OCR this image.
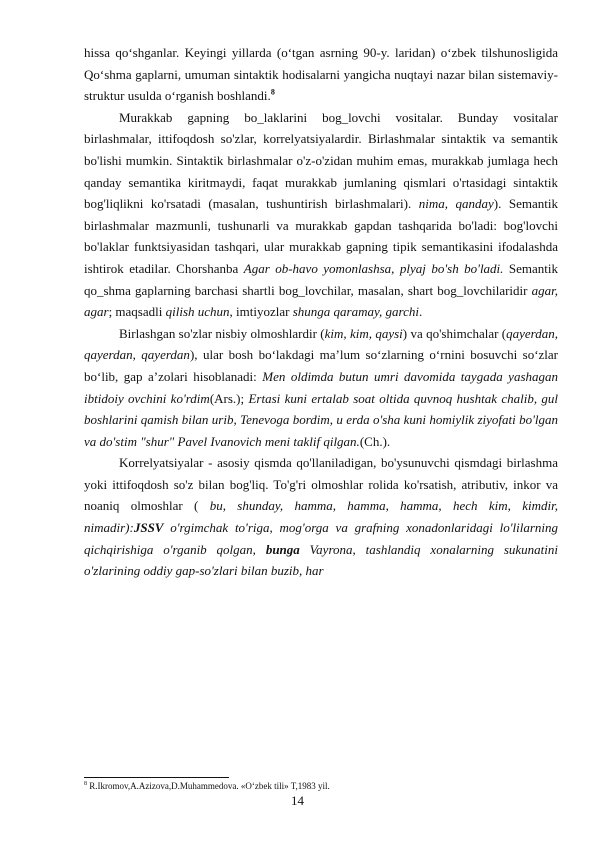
hissa qo‘shganlar. Keyingi yillarda (o‘tgan asrning 90-y. laridan) o‘zbek tilshunosligida Qo‘shma gaplarni, umuman sintaktik hodisalarni yangicha nuqtayi nazar bilan sistemaviy-struktur usulda o‘rganish boshlandi.$^8$

Murakkab gapning bo_laklarini bog_lovchi vositalar. Bunday vositalar birlashmalar, ittifoqdosh so'zlar, korrelyatsiyalardir. Birlashmalar sintaktik va semantik bo'lishi mumkin. Sintaktik birlashmalar o'z-o'zidan muhim emas, murakkab jumlaga hech qanday semantika kiritmaydi, faqat murakkab jumlaning qismlari o'rtasidagi sintaktik bog'liqlikni ko'rsatadi (masalan, tushuntirish birlashmalari). nima, qanday). Semantik birlashmalar mazmunli, tushunarli va murakkab gapdan tashqarida bo'ladi: bog'lovchi bo'laklar funktsiyasidan tashqari, ular murakkab gapning tipik semantikasini ifodalashda ishtirok etadilar. Chorshanba Agar ob-havo yomonlashsa, plyaj bo'sh bo'ladi. Semantik qo_shma gaplarning barchasi shartli bog_lovchilar, masalan, shart bog_lovchilaridir agar, agar; maqsadli qilish uchun, imtiyozlar shunga qaramay, garchi.

Birlashgan so'zlar nisbiy olmoshlardir (kim, kim, qaysi) va qo'shimchalar (qayerdan, qayerdan, qayerdan), ular bosh bo‘lakdagi ma’lum so‘zlarning o‘rnini bosuvchi so‘zlar bo‘lib, gap a’zolari hisoblanadi: Men oldimda butun umri davomida taygada yashagan ibtidoiy ovchini ko'rdim(Ars.); Ertasi kuni ertalab soat oltida quvnoq hushtak chalib, gul boshlarini qamish bilan urib, Tenevoga bordim, u erda o'sha kuni homiylik ziyofati bo'lgan va do'stim "shur" Pavel Ivanovich meni taklif qilgan.(Ch.).

Korrelyatsiyalar - asosiy qismda qo'llaniladigan, bo'ysunuvchi qismdagi birlashma yoki ittifoqdosh so'z bilan bog'liq. To'g'ri olmoshlar rolida ko'rsatish, atributiv, inkor va noaniq olmoshlar ( bu, shunday, hamma, hamma, hamma, hech kim, kimdir, nimadir):JSSV o'rgimchak to'riga, mog'orga va grafning xonadonlaridagi lo'lilarning qichqirishiga o'rganib qolgan, bunga Vayrona, tashlandiq xonalarning sukunatini o'zlarining oddiy gap-so'zlari bilan buzib, har

$^8$ R.Ikromov,A.Azizova,D.Muhammedova. «O‘zbek tili» T,1983 yil.
14
